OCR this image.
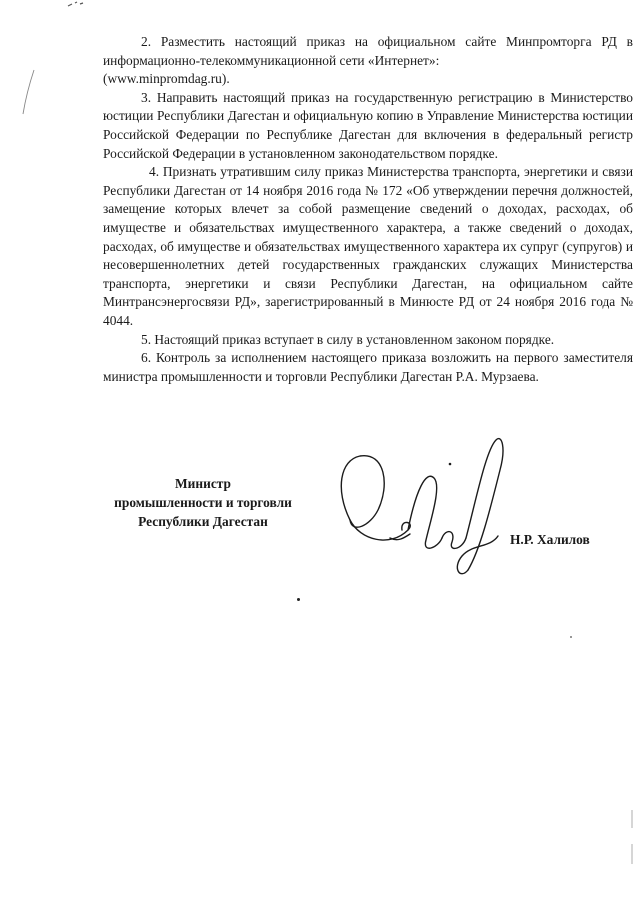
2. Разместить настоящий приказ на официальном сайте Минпромторга РД в информационно-телекоммуникационной сети «Интернет»:
(www.minpromdag.ru).

3. Направить настоящий приказ на государственную регистрацию в Министерство юстиции Республики Дагестан и официальную копию в Управление Министерства юстиции Российской Федерации по Республике Дагестан для включения в федеральный регистр Российской Федерации в установленном законодательством порядке.

4. Признать утратившим силу приказ Министерства транспорта, энергетики и связи Республики Дагестан от 14 ноября 2016 года № 172 «Об утверждении перечня должностей, замещение которых влечет за собой размещение сведений о доходах, расходах, об имуществе и обязательствах имущественного характера, а также сведений о доходах, расходах, об имуществе и обязательствах имущественного характера их супруг (супругов) и несовершеннолетних детей государственных гражданских служащих Министерства транспорта, энергетики и связи Республики Дагестан, на официальном сайте Минтрансэнергосвязи РД», зарегистрированный в Минюсте РД от 24 ноября 2016 года № 4044.

5. Настоящий приказ вступает в силу в установленном законом порядке.

6. Контроль за исполнением настоящего приказа возложить на первого заместителя министра промышленности и торговли Республики Дагестан Р.А. Мурзаева.

Министр
промышленности и торговли
Республики Дагестан
Н.Р. Халилов
